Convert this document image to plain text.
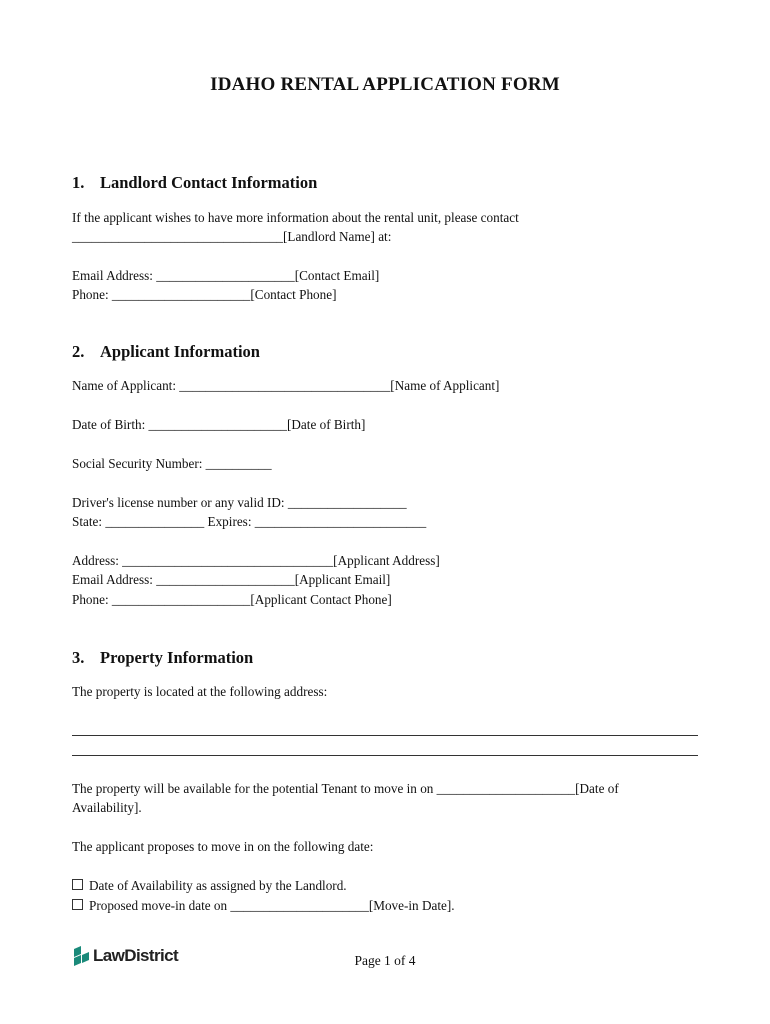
IDAHO RENTAL APPLICATION FORM
1. Landlord Contact Information
If the applicant wishes to have more information about the rental unit, please contact
________________________________[Landlord Name] at:
Email Address: _____________________[Contact Email]
Phone: _____________________[Contact Phone]
2. Applicant Information
Name of Applicant: ________________________________[Name of Applicant]
Date of Birth: _____________________[Date of Birth]
Social Security Number: __________
Driver's license number or any valid ID: __________________
State: _______________ Expires: __________________________
Address: ________________________________[Applicant Address]
Email Address: _____________________[Applicant Email]
Phone: _____________________[Applicant Contact Phone]
3. Property Information
The property is located at the following address:
The property will be available for the potential Tenant to move in on _____________________[Date of
Availability].
The applicant proposes to move in on the following date:
Date of Availability as assigned by the Landlord.
Proposed move-in date on _____________________[Move-in Date].
LawDistrict	Page 1 of 4
